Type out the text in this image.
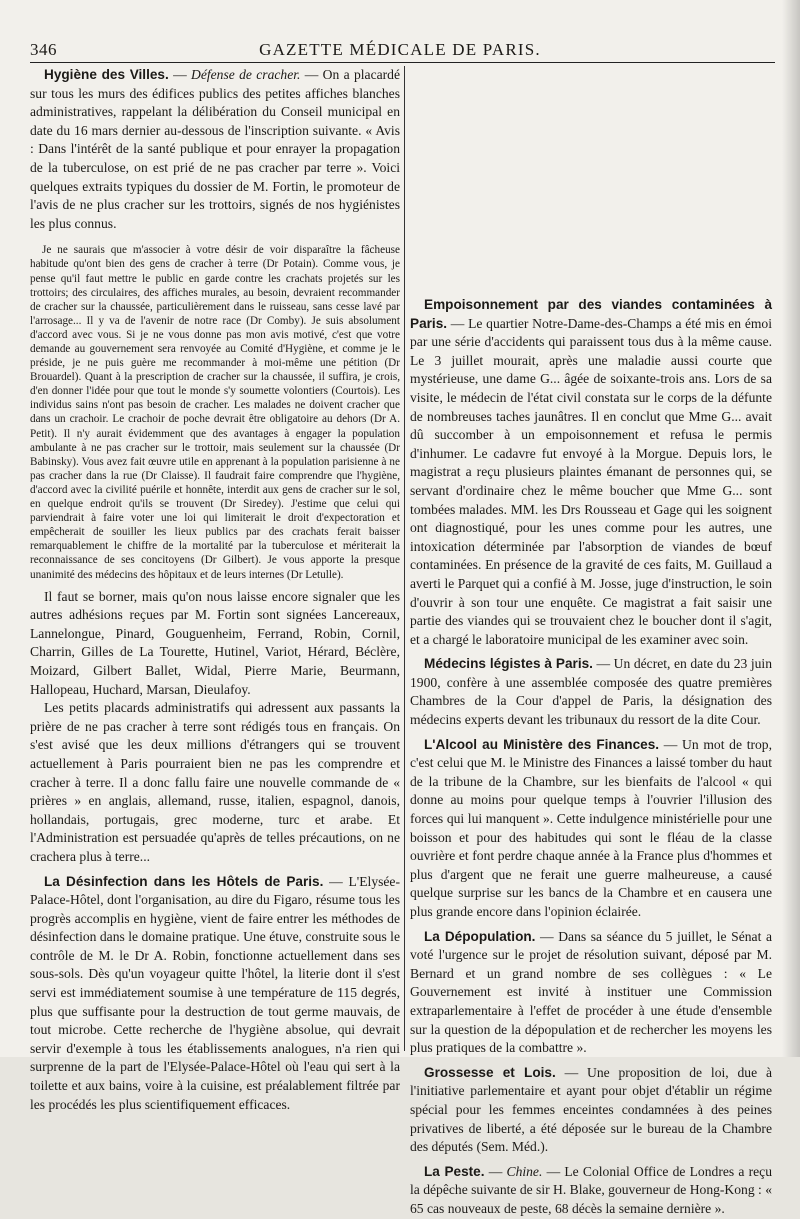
346	GAZETTE MÉDICALE DE PARIS.

Hygiène des Villes. — Défense de cracher. — On a placardé sur tous les murs des édifices publics des petites affiches blanches administratives, rappelant la délibération du Conseil municipal en date du 16 mars dernier au-dessous de l'inscription suivante. « Avis : Dans l'intérêt de la santé publique et pour enrayer la propagation de la tuberculose, on est prié de ne pas cracher par terre ». Voici quelques extraits typiques du dossier de M. Fortin, le promoteur de l'avis de ne plus cracher sur les trottoirs, signés de nos hygiénistes les plus connus.

Je ne saurais que m'associer à votre désir de voir disparaître la fâcheuse habitude qu'ont bien des gens de cracher à terre (Dr Potain). Comme vous, je pense qu'il faut mettre le public en garde contre les crachats projetés sur les trottoirs; des circulaires, des affiches murales, au besoin, devraient recommander de cracher sur la chaussée, particulièrement dans le ruisseau, sans cesse lavé par l'arrosage... Il y va de l'avenir de notre race (Dr Comby). Je suis absolument d'accord avec vous. Si je ne vous donne pas mon avis motivé, c'est que votre demande au gouvernement sera renvoyée au Comité d'Hygiène, et comme je le préside, je ne puis guère me recommander à moi-même une pétition (Dr Brouardel). Quant à la prescription de cracher sur la chaussée, il suffira, je crois, d'en donner l'idée pour que tout le monde s'y soumette volontiers (Courtois). Les individus sains n'ont pas besoin de cracher. Les malades ne doivent cracher que dans un crachoir. Le crachoir de poche devrait être obligatoire au dehors (Dr A. Petit). Il n'y aurait évidemment que des avantages à engager la population ambulante à ne pas cracher sur le trottoir, mais seulement sur la chaussée (Dr Babinsky). Vous avez fait œuvre utile en apprenant à la population parisienne à ne pas cracher dans la rue (Dr Claisse). Il faudrait faire comprendre que l'hygiène, d'accord avec la civilité puérile et honnête, interdit aux gens de cracher sur le sol, en quelque endroit qu'ils se trouvent (Dr Siredey). J'estime que celui qui parviendrait à faire voter une loi qui limiterait le droit d'expectoration et empêcherait de souiller les lieux publics par des crachats ferait baisser remarquablement le chiffre de la mortalité par la tuberculose et mériterait la reconnaissance de ses concitoyens (Dr Gilbert). Je vous apporte la presque unanimité des médecins des hôpitaux et de leurs internes (Dr Letulle).

Il faut se borner, mais qu'on nous laisse encore signaler que les autres adhésions reçues par M. Fortin sont signées Lancereaux, Lannelongue, Pinard, Gouguenheim, Ferrand, Robin, Cornil, Charrin, Gilles de La Tourette, Hutinel, Variot, Hérard, Béclère, Moizard, Gilbert Ballet, Widal, Pierre Marie, Beurmann, Hallopeau, Huchard, Marsan, Dieulafoy.

Les petits placards administratifs qui adressent aux passants la prière de ne pas cracher à terre sont rédigés tous en français. On s'est avisé que les deux millions d'étrangers qui se trouvent actuellement à Paris pourraient bien ne pas les comprendre et cracher à terre. Il a donc fallu faire une nouvelle commande de « prières » en anglais, allemand, russe, italien, espagnol, danois, hollandais, portugais, grec moderne, turc et arabe. Et l'Administration est persuadée qu'après de telles précautions, on ne crachera plus à terre...

La Désinfection dans les Hôtels de Paris. — L'Elysée-Palace-Hôtel, dont l'organisation, au dire du Figaro, résume tous les progrès accomplis en hygiène, vient de faire entrer les méthodes de désinfection dans le domaine pratique. Une étuve, construite sous le contrôle de M. le Dr A. Robin, fonctionne actuellement dans ses sous-sols. Dès qu'un voyageur quitte l'hôtel, la literie dont il s'est servi est immédiatement soumise à une température de 115 degrés, plus que suffisante pour la destruction de tout germe mauvais, de tout microbe. Cette recherche de l'hygiène absolue, qui devrait servir d'exemple à tous les établissements analogues, n'a rien qui surprenne de la part de l'Elysée-Palace-Hôtel où l'eau qui sert à la toilette et aux bains, voire à la cuisine, est préalablement filtrée par les procédés les plus scientifiquement efficaces.

Empoisonnement par des viandes contaminées à Paris. — Le quartier Notre-Dame-des-Champs a été mis en émoi par une série d'accidents qui paraissent tous dus à la même cause. Le 3 juillet mourait, après une maladie aussi courte que mystérieuse, une dame G... âgée de soixante-trois ans. Lors de sa visite, le médecin de l'état civil constata sur le corps de la défunte de nombreuses taches jaunâtres. Il en conclut que Mme G... avait dû succomber à un empoisonnement et refusa le permis d'inhumer. Le cadavre fut envoyé à la Morgue. Depuis lors, le magistrat a reçu plusieurs plaintes émanant de personnes qui, se servant d'ordinaire chez le même boucher que Mme G... sont tombées malades. MM. les Drs Rousseau et Gage qui les soignent ont diagnostiqué, pour les unes comme pour les autres, une intoxication déterminée par l'absorption de viandes de bœuf contaminées. En présence de la gravité de ces faits, M. Guillaud a averti le Parquet qui a confié à M. Josse, juge d'instruction, le soin d'ouvrir à son tour une enquête. Ce magistrat a fait saisir une partie des viandes qui se trouvaient chez le boucher dont il s'agit, et a chargé le laboratoire municipal de les examiner avec soin.

Médecins légistes à Paris. — Un décret, en date du 23 juin 1900, confère à une assemblée composée des quatre premières Chambres de la Cour d'appel de Paris, la désignation des médecins experts devant les tribunaux du ressort de la dite Cour.

L'Alcool au Ministère des Finances. — Un mot de trop, c'est celui que M. le Ministre des Finances a laissé tomber du haut de la tribune de la Chambre, sur les bienfaits de l'alcool « qui donne au moins pour quelque temps à l'ouvrier l'illusion des forces qui lui manquent ». Cette indulgence ministérielle pour une boisson et pour des habitudes qui sont le fléau de la classe ouvrière et font perdre chaque année à la France plus d'hommes et plus d'argent que ne ferait une guerre malheureuse, a causé quelque surprise sur les bancs de la Chambre et en causera une plus grande encore dans l'opinion éclairée.

La Dépopulation. — Dans sa séance du 5 juillet, le Sénat a voté l'urgence sur le projet de résolution suivant, déposé par M. Bernard et un grand nombre de ses collègues : « Le Gouvernement est invité à instituer une Commission extraparlementaire à l'effet de procéder à une étude d'ensemble sur la question de la dépopulation et de rechercher les moyens les plus pratiques de la combattre ».

Grossesse et Lois. — Une proposition de loi, due à l'initiative parlementaire et ayant pour objet d'établir un régime spécial pour les femmes enceintes condamnées à des peines privatives de liberté, a été déposée sur le bureau de la Chambre des députés (Sem. Méd.).

La Peste. — Chine. — Le Colonial Office de Londres a reçu la dépêche suivante de sir H. Blake, gouverneur de Hong-Kong : « 65 cas nouveaux de peste, 68 décès la semaine dernière ».
